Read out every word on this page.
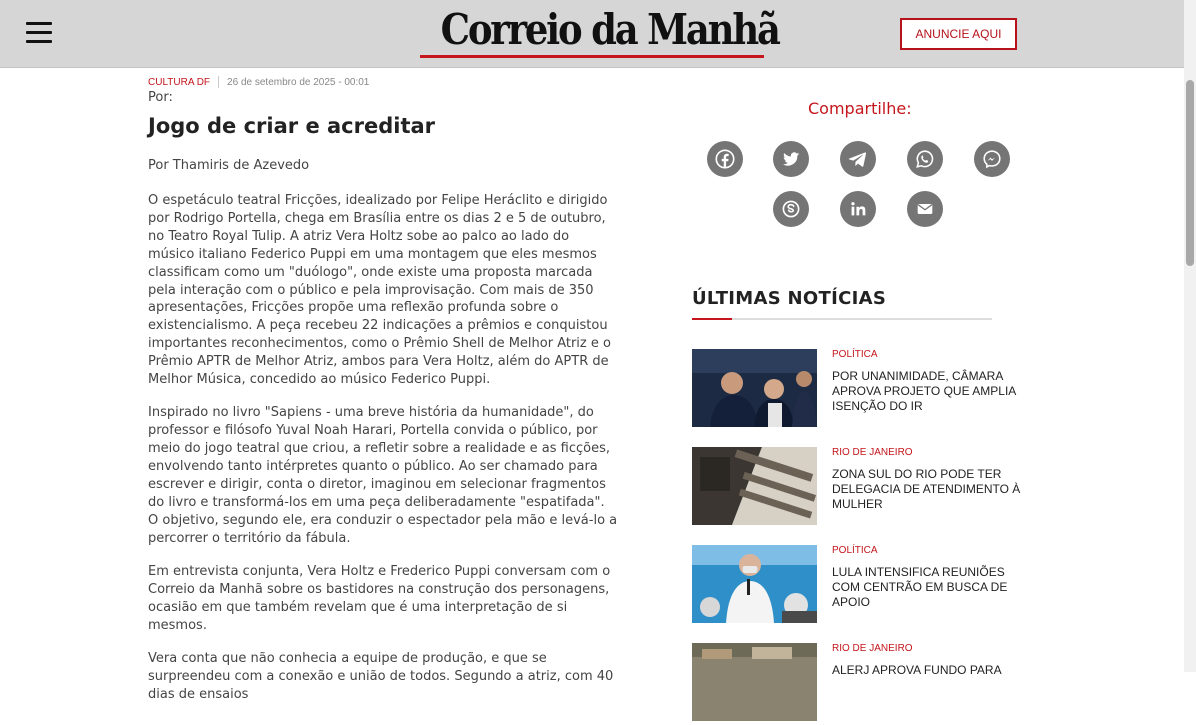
Correio da Manhã	ANUNCIE AQUI
CULTURA DF 26 de setembro de 2025 - 00:01
Por:
Jogo de criar e acreditar
Por Thamiris de Azevedo

O espetáculo teatral Fricções, idealizado por Felipe Heráclito e dirigido por Rodrigo Portella, chega em Brasília entre os dias 2 e 5 de outubro, no Teatro Royal Tulip. A atriz Vera Holtz sobe ao palco ao lado do músico italiano Federico Puppi em uma montagem que eles mesmos classificam como um "duólogo", onde existe uma proposta marcada pela interação com o público e pela improvisação. Com mais de 350 apresentações, Fricções propõe uma reflexão profunda sobre o existencialismo. A peça recebeu 22 indicações a prêmios e conquistou importantes reconhecimentos, como o Prêmio Shell de Melhor Atriz e o Prêmio APTR de Melhor Atriz, ambos para Vera Holtz, além do APTR de Melhor Música, concedido ao músico Federico Puppi.

Inspirado no livro "Sapiens - uma breve história da humanidade", do professor e filósofo Yuval Noah Harari, Portella convida o público, por meio do jogo teatral que criou, a refletir sobre a realidade e as ficções, envolvendo tanto intérpretes quanto o público. Ao ser chamado para escrever e dirigir, conta o diretor, imaginou em selecionar fragmentos do livro e transformá-los em uma peça deliberadamente "espatifada". O objetivo, segundo ele, era conduzir o espectador pela mão e levá-lo a percorrer o território da fábula.

Em entrevista conjunta, Vera Holtz e Frederico Puppi conversam com o Correio da Manhã sobre os bastidores na construção dos personagens, ocasião em que também revelam que é uma interpretação de si mesmos.

Vera conta que não conhecia a equipe de produção, e que se surpreendeu com a conexão e união de todos. Segundo a atriz, com 40 dias de ensaios

Compartilhe:
ÚLTIMAS NOTÍCIAS
POLÍTICA
POR UNANIMIDADE, CÂMARA APROVA PROJETO QUE AMPLIA ISENÇÃO DO IR
RIO DE JANEIRO
ZONA SUL DO RIO PODE TER DELEGACIA DE ATENDIMENTO À MULHER
POLÍTICA
LULA INTENSIFICA REUNIÕES COM CENTRÃO EM BUSCA DE APOIO
RIO DE JANEIRO
ALERJ APROVA FUNDO PARA
